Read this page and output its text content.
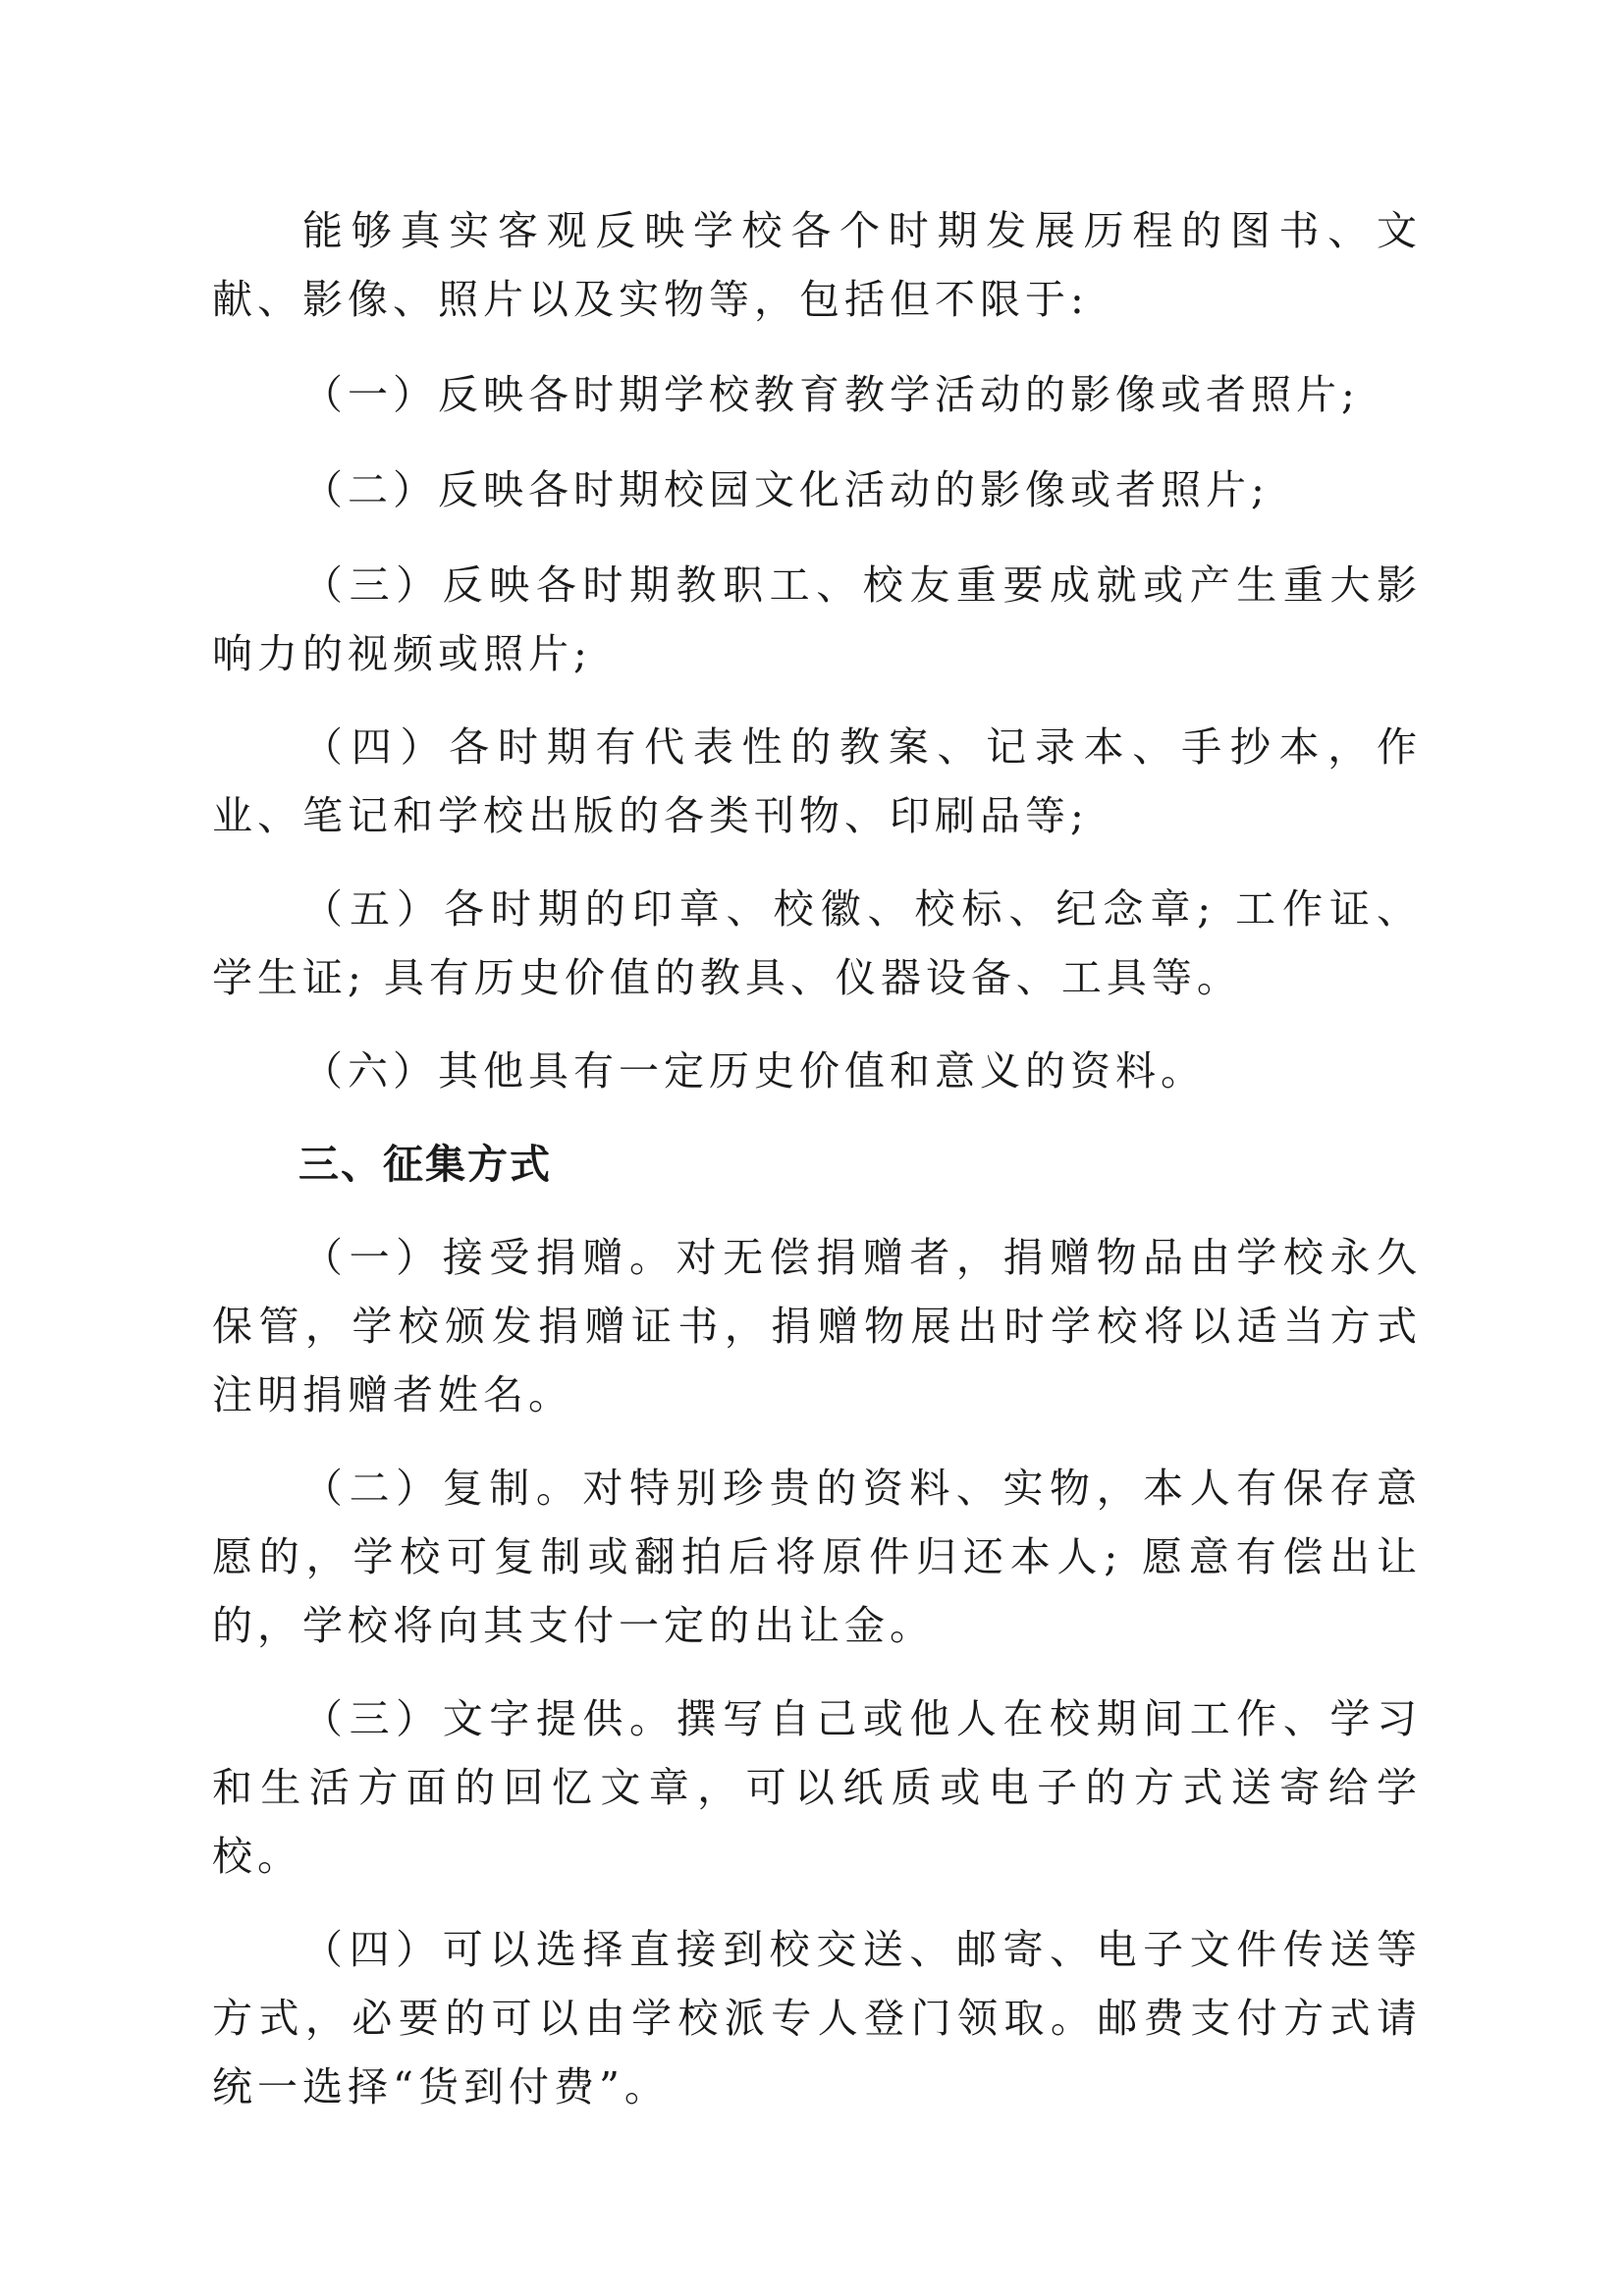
能够真实客观反映学校各个时期发展历程的图书、文献、影像、照片以及实物等，包括但不限于:

（一）反映各时期学校教育教学活动的影像或者照片;

（二）反映各时期校园文化活动的影像或者照片;

（三）反映各时期教职工、校友重要成就或产生重大影响力的视频或照片;

（四）各时期有代表性的教案、记录本、手抄本，作业、笔记和学校出版的各类刊物、印刷品等;

（五）各时期的印章、校徽、校标、纪念章; 工作证、学生证; 具有历史价值的教具、仪器设备、工具等。

（六）其他具有一定历史价值和意义的资料。

三、征集方式

（一）接受捐赠。对无偿捐赠者，捐赠物品由学校永久保管，学校颁发捐赠证书，捐赠物展出时学校将以适当方式注明捐赠者姓名。

（二）复制。对特别珍贵的资料、实物，本人有保存意愿的，学校可复制或翻拍后将原件归还本人; 愿意有偿出让的，学校将向其支付一定的出让金。

（三）文字提供。撰写自己或他人在校期间工作、学习和生活方面的回忆文章，可以纸质或电子的方式送寄给学校。

（四）可以选择直接到校交送、邮寄、电子文件传送等方式，必要的可以由学校派专人登门领取。邮费支付方式请统一选择“货到付费”。
